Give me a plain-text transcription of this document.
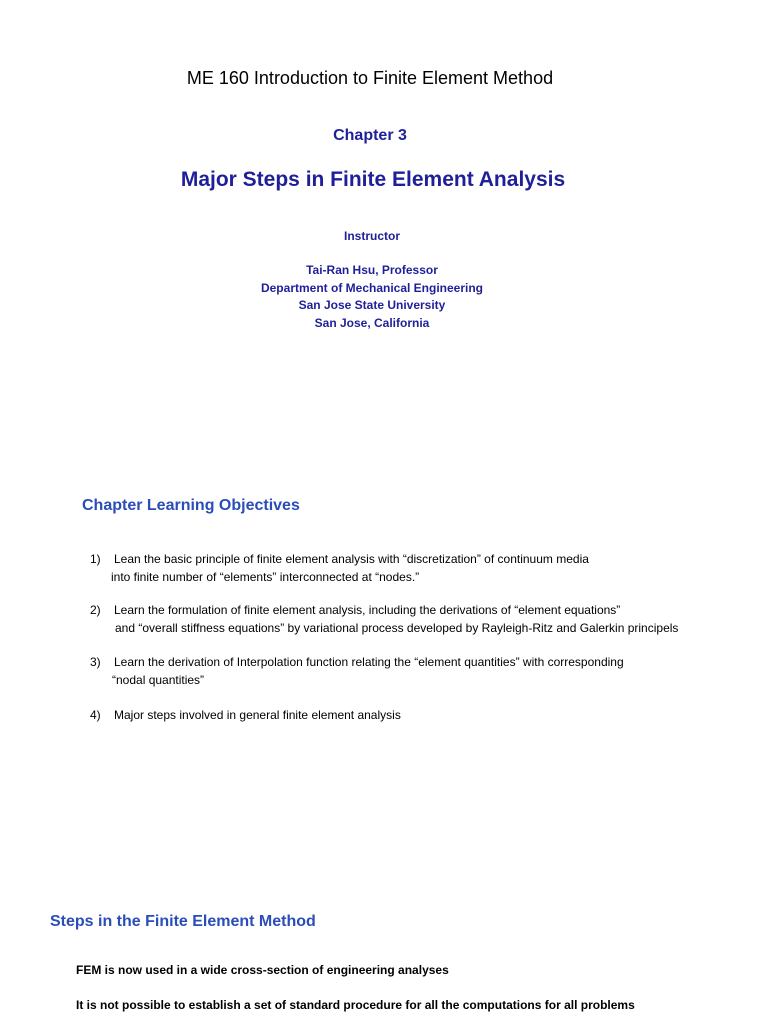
ME 160 Introduction to Finite Element Method
Chapter 3
Major Steps in Finite Element Analysis
Instructor
Tai-Ran Hsu, Professor
Department of Mechanical Engineering
San Jose State University
San Jose, California
Chapter Learning Objectives
1) Lean the basic principle of finite element analysis with “discretization” of continuum media
into finite number of “elements” interconnected at “nodes.”
2) Learn the formulation of finite element analysis, including the derivations of “element equations”
and “overall stiffness equations” by variational process developed by Rayleigh-Ritz and Galerkin principels
3) Learn the derivation of Interpolation function relating the “element quantities” with corresponding
“nodal quantities”
4) Major steps involved in general finite element analysis
Steps in the Finite Element Method
FEM is now used in a wide cross-section of engineering analyses
It is not possible to establish a set of standard procedure for all the computations for all problems
